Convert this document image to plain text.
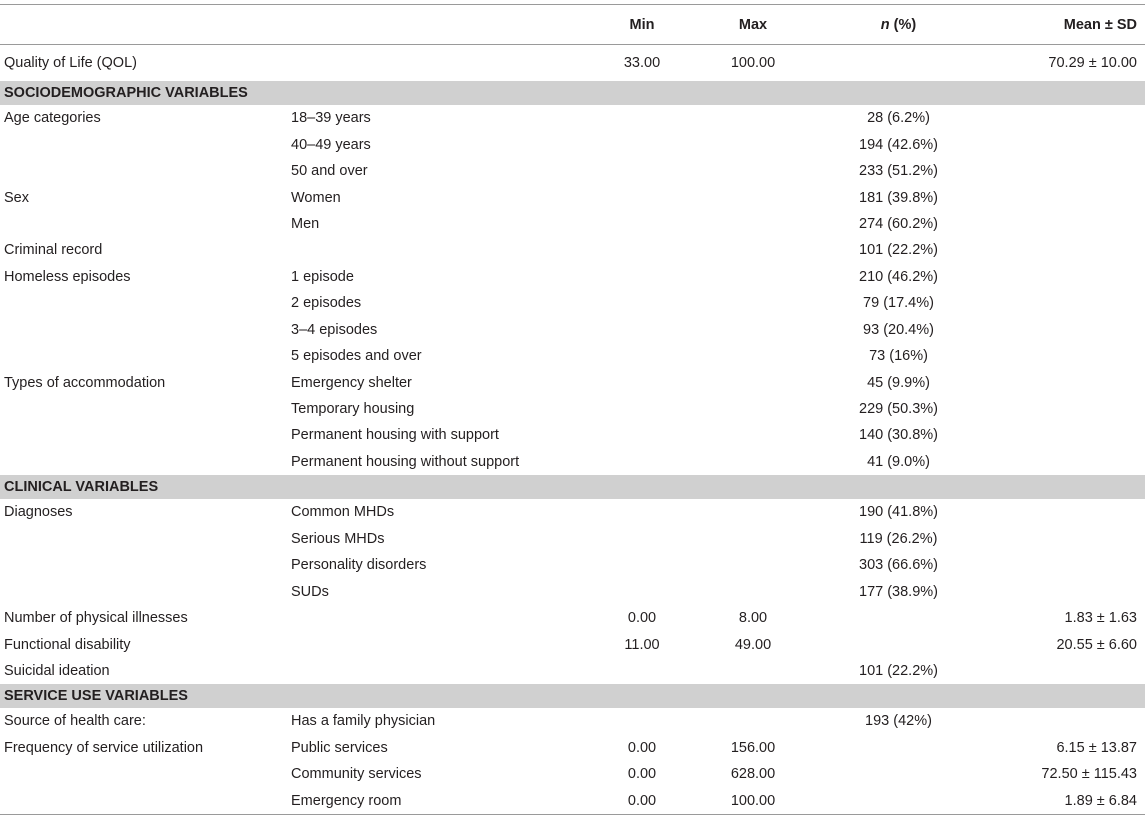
		Min	Max	n (%)	Mean ± SD
Quality of Life (QOL)		33.00	100.00		70.29 ± 10.00
SOCIODEMOGRAPHIC VARIABLES					
Age categories	18–39 years			28 (6.2%)	
	40–49 years			194 (42.6%)	
	50 and over			233 (51.2%)	
Sex	Women			181 (39.8%)	
	Men			274 (60.2%)	
Criminal record				101 (22.2%)	
Homeless episodes	1 episode			210 (46.2%)	
	2 episodes			79 (17.4%)	
	3–4 episodes			93 (20.4%)	
	5 episodes and over			73 (16%)	
Types of accommodation	Emergency shelter			45 (9.9%)	
	Temporary housing			229 (50.3%)	
	Permanent housing with support			140 (30.8%)	
	Permanent housing without support			41 (9.0%)	
CLINICAL VARIABLES					
Diagnoses	Common MHDs			190 (41.8%)	
	Serious MHDs			119 (26.2%)	
	Personality disorders			303 (66.6%)	
	SUDs			177 (38.9%)	
Number of physical illnesses		0.00	8.00		1.83 ± 1.63
Functional disability		11.00	49.00		20.55 ± 6.60
Suicidal ideation				101 (22.2%)	
SERVICE USE VARIABLES					
Source of health care:	Has a family physician			193 (42%)	
Frequency of service utilization	Public services	0.00	156.00		6.15 ± 13.87
	Community services	0.00	628.00		72.50 ± 115.43
	Emergency room	0.00	100.00		1.89 ± 6.84
